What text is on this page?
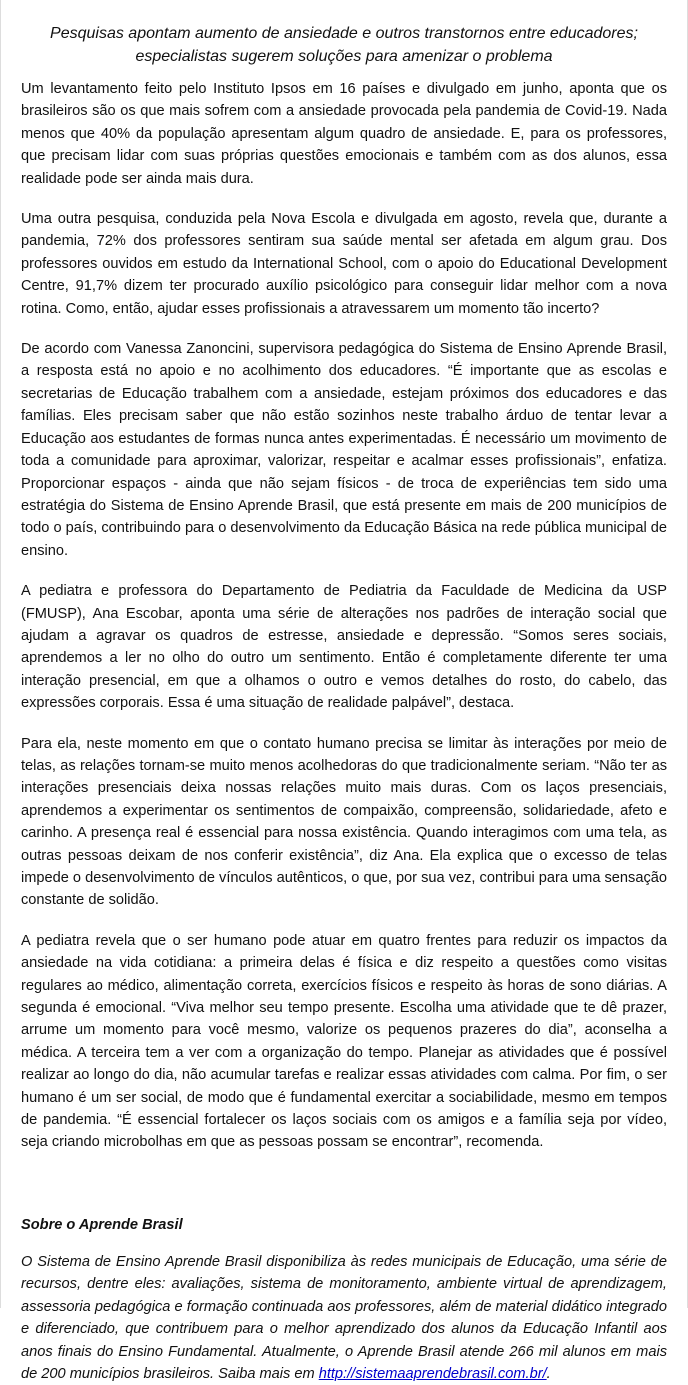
Pesquisas apontam aumento de ansiedade e outros transtornos entre educadores;
especialistas sugerem soluções para amenizar o problema

Um levantamento feito pelo Instituto Ipsos em 16 países e divulgado em junho, aponta que os brasileiros são os que mais sofrem com a ansiedade provocada pela pandemia de Covid-19. Nada menos que 40% da população apresentam algum quadro de ansiedade. E, para os professores, que precisam lidar com suas próprias questões emocionais e também com as dos alunos, essa realidade pode ser ainda mais dura.

Uma outra pesquisa, conduzida pela Nova Escola e divulgada em agosto, revela que, durante a pandemia, 72% dos professores sentiram sua saúde mental ser afetada em algum grau. Dos professores ouvidos em estudo da International School, com o apoio do Educational Development Centre, 91,7% dizem ter procurado auxílio psicológico para conseguir lidar melhor com a nova rotina. Como, então, ajudar esses profissionais a atravessarem um momento tão incerto?

De acordo com Vanessa Zanoncini, supervisora pedagógica do Sistema de Ensino Aprende Brasil, a resposta está no apoio e no acolhimento dos educadores. “É importante que as escolas e secretarias de Educação trabalhem com a ansiedade, estejam próximos dos educadores e das famílias. Eles precisam saber que não estão sozinhos neste trabalho árduo de tentar levar a Educação aos estudantes de formas nunca antes experimentadas. É necessário um movimento de toda a comunidade para aproximar, valorizar, respeitar e acalmar esses profissionais”, enfatiza. Proporcionar espaços - ainda que não sejam físicos - de troca de experiências tem sido uma estratégia do Sistema de Ensino Aprende Brasil, que está presente em mais de 200 municípios de todo o país, contribuindo para o desenvolvimento da Educação Básica na rede pública municipal de ensino.

A pediatra e professora do Departamento de Pediatria da Faculdade de Medicina da USP (FMUSP), Ana Escobar, aponta uma série de alterações nos padrões de interação social que ajudam a agravar os quadros de estresse, ansiedade e depressão. “Somos seres sociais, aprendemos a ler no olho do outro um sentimento. Então é completamente diferente ter uma interação presencial, em que a olhamos o outro e vemos detalhes do rosto, do cabelo, das expressões corporais. Essa é uma situação de realidade palpável”, destaca.

Para ela, neste momento em que o contato humano precisa se limitar às interações por meio de telas, as relações tornam-se muito menos acolhedoras do que tradicionalmente seriam. “Não ter as interações presenciais deixa nossas relações muito mais duras. Com os laços presenciais, aprendemos a experimentar os sentimentos de compaixão, compreensão, solidariedade, afeto e carinho. A presença real é essencial para nossa existência. Quando interagimos com uma tela, as outras pessoas deixam de nos conferir existência”, diz Ana. Ela explica que o excesso de telas impede o desenvolvimento de vínculos autênticos, o que, por sua vez, contribui para uma sensação constante de solidão.

A pediatra revela que o ser humano pode atuar em quatro frentes para reduzir os impactos da ansiedade na vida cotidiana: a primeira delas é física e diz respeito a questões como visitas regulares ao médico, alimentação correta, exercícios físicos e respeito às horas de sono diárias. A segunda é emocional. “Viva melhor seu tempo presente. Escolha uma atividade que te dê prazer, arrume um momento para você mesmo, valorize os pequenos prazeres do dia”, aconselha a médica. A terceira tem a ver com a organização do tempo. Planejar as atividades que é possível realizar ao longo do dia, não acumular tarefas e realizar essas atividades com calma. Por fim, o ser humano é um ser social, de modo que é fundamental exercitar a sociabilidade, mesmo em tempos de pandemia. “É essencial fortalecer os laços sociais com os amigos e a família seja por vídeo, seja criando microbolhas em que as pessoas possam se encontrar”, recomenda.

Sobre o Aprende Brasil

O Sistema de Ensino Aprende Brasil disponibiliza às redes municipais de Educação, uma série de recursos, dentre eles: avaliações, sistema de monitoramento, ambiente virtual de aprendizagem, assessoria pedagógica e formação continuada aos professores, além de material didático integrado e diferenciado, que contribuem para o melhor aprendizado dos alunos da Educação Infantil aos anos finais do Ensino Fundamental. Atualmente, o Aprende Brasil atende 266 mil alunos em mais de 200 municípios brasileiros. Saiba mais em http://sistemaaprendebrasil.com.br/.
